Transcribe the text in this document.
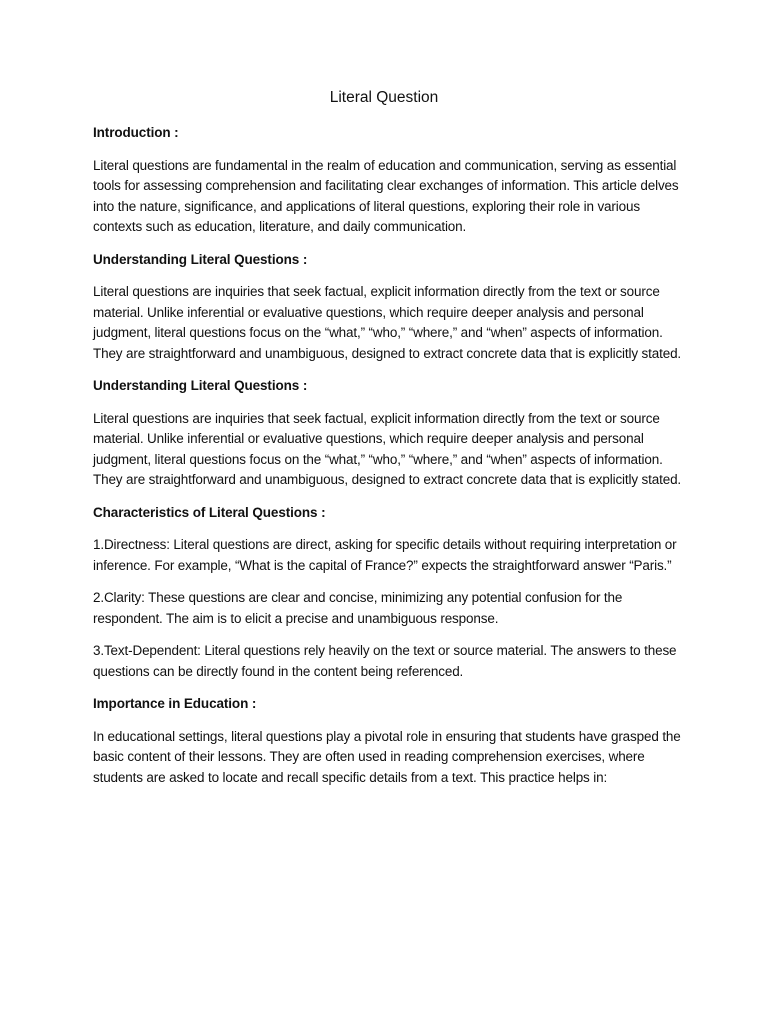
Literal Question

Introduction :

Literal questions are fundamental in the realm of education and communication, serving as essential tools for assessing comprehension and facilitating clear exchanges of information. This article delves into the nature, significance, and applications of literal questions, exploring their role in various contexts such as education, literature, and daily communication.

Understanding Literal Questions :

Literal questions are inquiries that seek factual, explicit information directly from the text or source material. Unlike inferential or evaluative questions, which require deeper analysis and personal judgment, literal questions focus on the “what,” “who,” “where,” and “when” aspects of information. They are straightforward and unambiguous, designed to extract concrete data that is explicitly stated.

Understanding Literal Questions :

Literal questions are inquiries that seek factual, explicit information directly from the text or source material. Unlike inferential or evaluative questions, which require deeper analysis and personal judgment, literal questions focus on the “what,” “who,” “where,” and “when” aspects of information. They are straightforward and unambiguous, designed to extract concrete data that is explicitly stated.

Characteristics of Literal Questions :

1.Directness: Literal questions are direct, asking for specific details without requiring interpretation or inference. For example, “What is the capital of France?” expects the straightforward answer “Paris.”

2.Clarity: These questions are clear and concise, minimizing any potential confusion for the respondent. The aim is to elicit a precise and unambiguous response.

3.Text-Dependent: Literal questions rely heavily on the text or source material. The answers to these questions can be directly found in the content being referenced.

Importance in Education :

In educational settings, literal questions play a pivotal role in ensuring that students have grasped the basic content of their lessons. They are often used in reading comprehension exercises, where students are asked to locate and recall specific details from a text. This practice helps in:
